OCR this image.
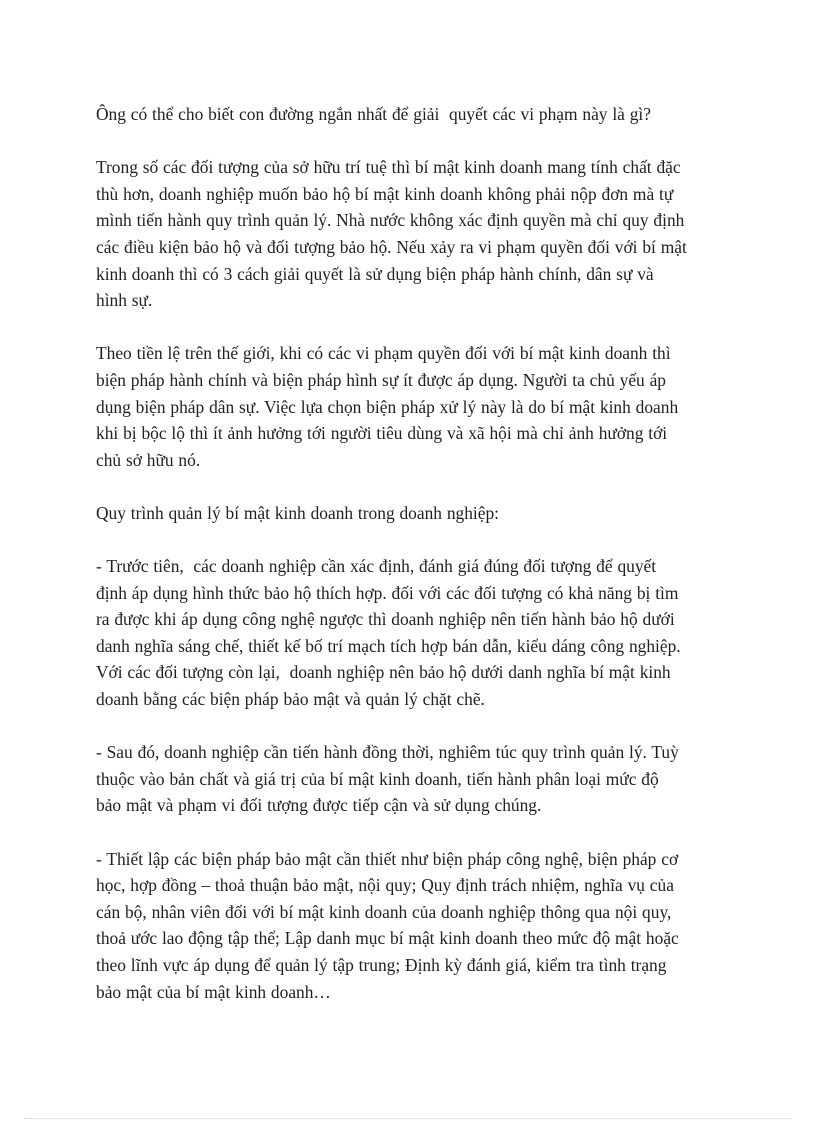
Ông có thể cho biết con đường ngắn nhất để giải  quyết các vi phạm này là gì?

Trong số các đối tượng của sở hữu trí tuệ thì bí mật kinh doanh mang tính chất đặc
thù hơn, doanh nghiệp muốn bảo hộ bí mật kinh doanh không phải nộp đơn mà tự
mình tiến hành quy trình quản lý. Nhà nước không xác định quyền mà chỉ quy định
các điều kiện bảo hộ và đối tượng bảo hộ. Nếu xảy ra vi phạm quyền đối với bí mật
kinh doanh thì có 3 cách giải quyết là sử dụng biện pháp hành chính, dân sự và
hình sự.

Theo tiền lệ trên thế giới, khi có các vi phạm quyền đối với bí mật kinh doanh thì
biện pháp hành chính và biện pháp hình sự ít được áp dụng. Người ta chủ yếu áp
dụng biện pháp dân sự. Việc lựa chọn biện pháp xử lý này là do bí mật kinh doanh
khi bị bộc lộ thì ít ảnh hưởng tới người tiêu dùng và xã hội mà chỉ ảnh hưởng tới
chủ sở hữu nó.

Quy trình quản lý bí mật kinh doanh trong doanh nghiệp:

- Trước tiên,  các doanh nghiệp cần xác định, đánh giá đúng đối tượng để quyết
định áp dụng hình thức bảo hộ thích hợp. đối với các đối tượng có khả năng bị tìm
ra được khi áp dụng công nghệ ngược thì doanh nghiệp nên tiến hành bảo hộ dưới
danh nghĩa sáng chế, thiết kế bố trí mạch tích hợp bán dẫn, kiểu dáng công nghiệp.
Với các đối tượng còn lại,  doanh nghiệp nên bảo hộ dưới danh nghĩa bí mật kinh
doanh bằng các biện pháp bảo mật và quản lý chặt chẽ.

- Sau đó, doanh nghiệp cần tiến hành đồng thời, nghiêm túc quy trình quản lý. Tuỳ
thuộc vào bản chất và giá trị của bí mật kinh doanh, tiến hành phân loại mức độ
bảo mật và phạm vi đối tượng được tiếp cận và sử dụng chúng.

- Thiết lập các biện pháp bảo mật cần thiết như biện pháp công nghệ, biện pháp cơ
học, hợp đồng – thoả thuận bảo mật, nội quy; Quy định trách nhiệm, nghĩa vụ của
cán bộ, nhân viên đối với bí mật kinh doanh của doanh nghiệp thông qua nội quy,
thoả ước lao động tập thể; Lập danh mục bí mật kinh doanh theo mức độ mật hoặc
theo lĩnh vực áp dụng để quản lý tập trung; Định kỳ đánh giá, kiểm tra tình trạng
bảo mật của bí mật kinh doanh…
